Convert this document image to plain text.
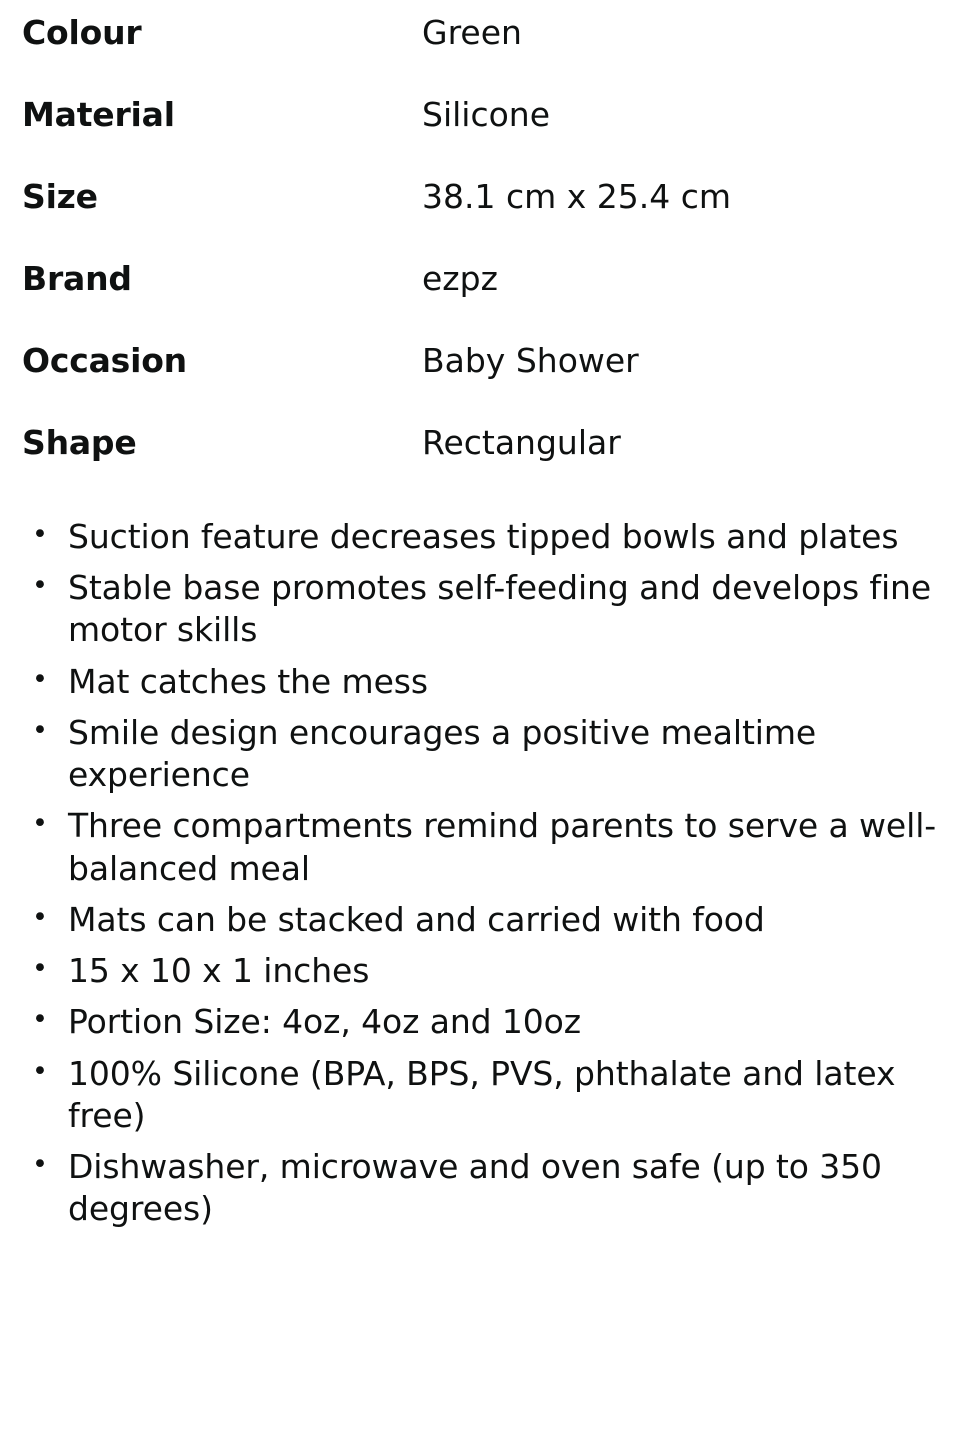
Colour	Green
Material	Silicone
Size	38.1 cm x 25.4 cm
Brand	ezpz
Occasion	Baby Shower
Shape	Rectangular
• Suction feature decreases tipped bowls and plates
• Stable base promotes self-feeding and develops fine motor skills
• Mat catches the mess
• Smile design encourages a positive mealtime experience
• Three compartments remind parents to serve a well-balanced meal
• Mats can be stacked and carried with food
• 15 x 10 x 1 inches
• Portion Size: 4oz, 4oz and 10oz
• 100% Silicone (BPA, BPS, PVS, phthalate and latex free)
• Dishwasher, microwave and oven safe (up to 350 degrees)
